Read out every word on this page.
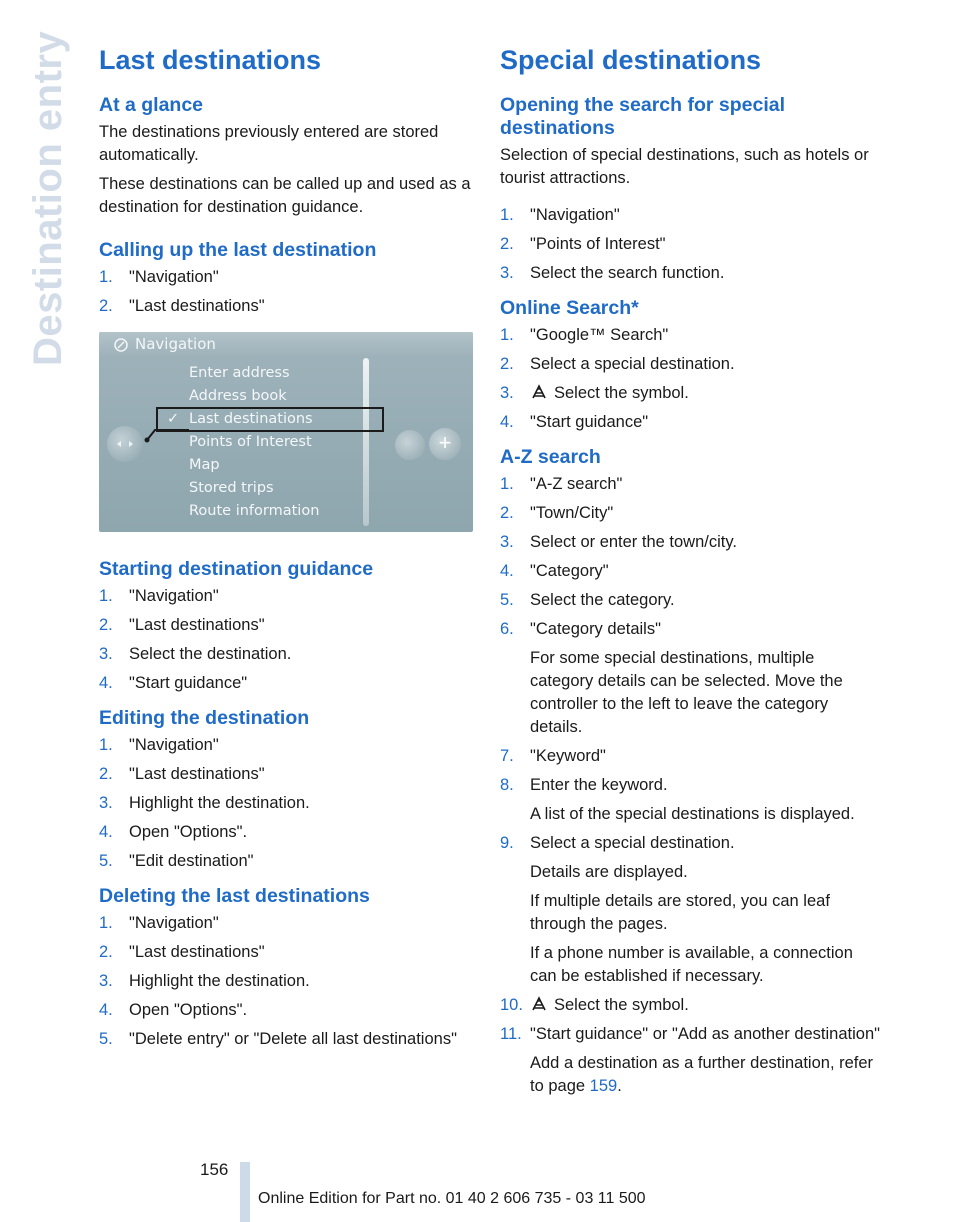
Destination entry Last destinations
At a glance

The destinations previously entered are stored automatically.

These destinations can be called up and used as a destination for destination guidance.

Calling up the last destination
1. "Navigation"
2. "Last destinations"
Navigation
+
Enter address
Address book
✓ Last destinations
Points of Interest
Map
Stored trips
Route information
Starting destination guidance
1. "Navigation"
2. "Last destinations"
3. Select the destination.
4. "Start guidance"
Editing the destination
1. "Navigation"
2. "Last destinations"
3. Highlight the destination.
4. Open "Options".
5. "Edit destination"
Deleting the last destinations
1. "Navigation"
2. "Last destinations"
3. Highlight the destination.
4. Open "Options".
5. "Delete entry" or "Delete all last destinations"
Special destinations
Opening the search for special destinations

Selection of special destinations, such as hotels or tourist attractions.

1. "Navigation"
2. "Points of Interest"
3. Select the search function.
Online Search*
1. "Google™ Search"
2. Select a special destination.
3. Select the symbol.
4. "Start guidance"
A-Z search
1. "A-Z search"
2. "Town/City"
3. Select or enter the town/city.
4. "Category"
5. Select the category.
6. "Category details"
For some special destinations, multiple category details can be selected. Move the controller to the left to leave the category details.
7. "Keyword"
8. Enter the keyword.
A list of the special destinations is displayed.
9. Select a special destination.
Details are displayed.
If multiple details are stored, you can leaf through the pages.
If a phone number is available, a connection can be established if necessary.
10. Select the symbol.
11. "Start guidance" or "Add as another destination"
Add a destination as a further destination, refer to page 159.
156
Online Edition for Part no. 01 40 2 606 735 - 03 11 500
